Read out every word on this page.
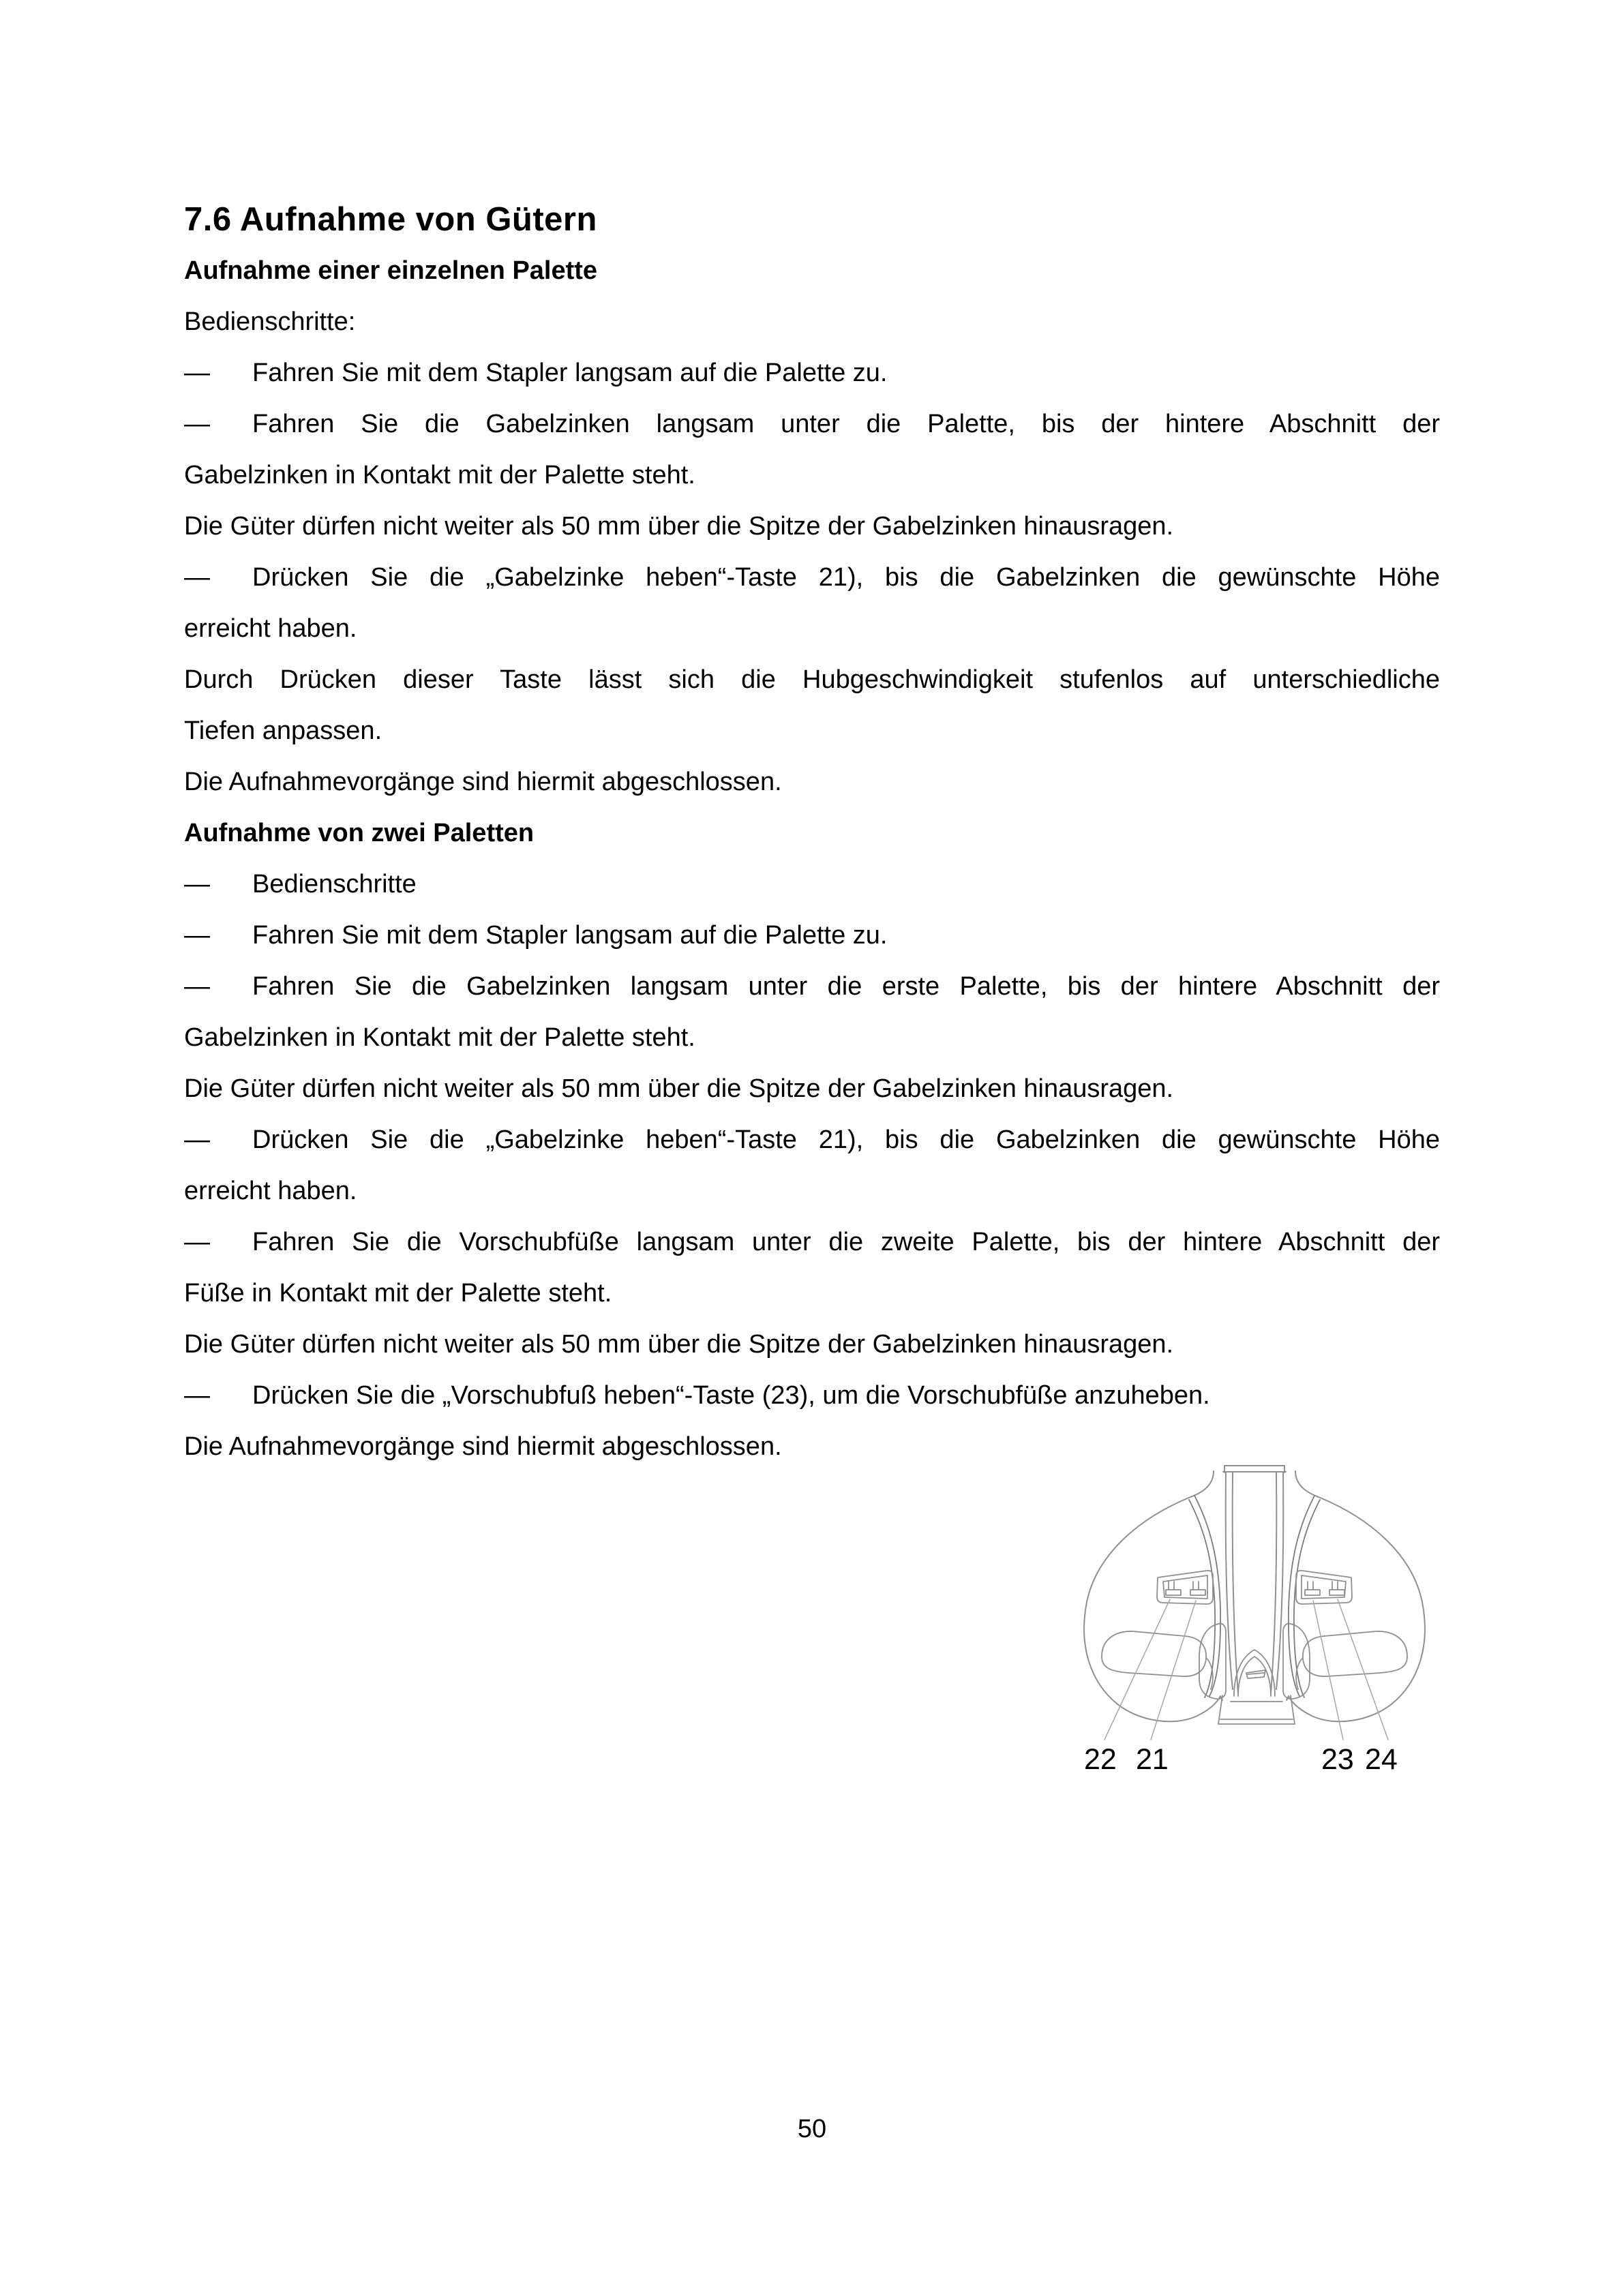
7.6 Aufnahme von Gütern
Aufnahme einer einzelnen Palette

Bedienschritte:

— Fahren Sie mit dem Stapler langsam auf die Palette zu.

— Fahren Sie die Gabelzinken langsam unter die Palette, bis der hintere Abschnitt der

Gabelzinken in Kontakt mit der Palette steht.

Die Güter dürfen nicht weiter als 50 mm über die Spitze der Gabelzinken hinausragen.

— Drücken Sie die „Gabelzinke heben“-Taste 21), bis die Gabelzinken die gewünschte Höhe

erreicht haben.

Durch Drücken dieser Taste lässt sich die Hubgeschwindigkeit stufenlos auf unterschiedliche

Tiefen anpassen.

Die Aufnahmevorgänge sind hiermit abgeschlossen.

Aufnahme von zwei Paletten

— Bedienschritte

— Fahren Sie mit dem Stapler langsam auf die Palette zu.

— Fahren Sie die Gabelzinken langsam unter die erste Palette, bis der hintere Abschnitt der

Gabelzinken in Kontakt mit der Palette steht.

Die Güter dürfen nicht weiter als 50 mm über die Spitze der Gabelzinken hinausragen.

— Drücken Sie die „Gabelzinke heben“-Taste 21), bis die Gabelzinken die gewünschte Höhe

erreicht haben.

— Fahren Sie die Vorschubfüße langsam unter die zweite Palette, bis der hintere Abschnitt der

Füße in Kontakt mit der Palette steht.

Die Güter dürfen nicht weiter als 50 mm über die Spitze der Gabelzinken hinausragen.

— Drücken Sie die „Vorschubfuß heben“-Taste (23), um die Vorschubfüße anzuheben.

Die Aufnahmevorgänge sind hiermit abgeschlossen.

22 21	23 24
50
